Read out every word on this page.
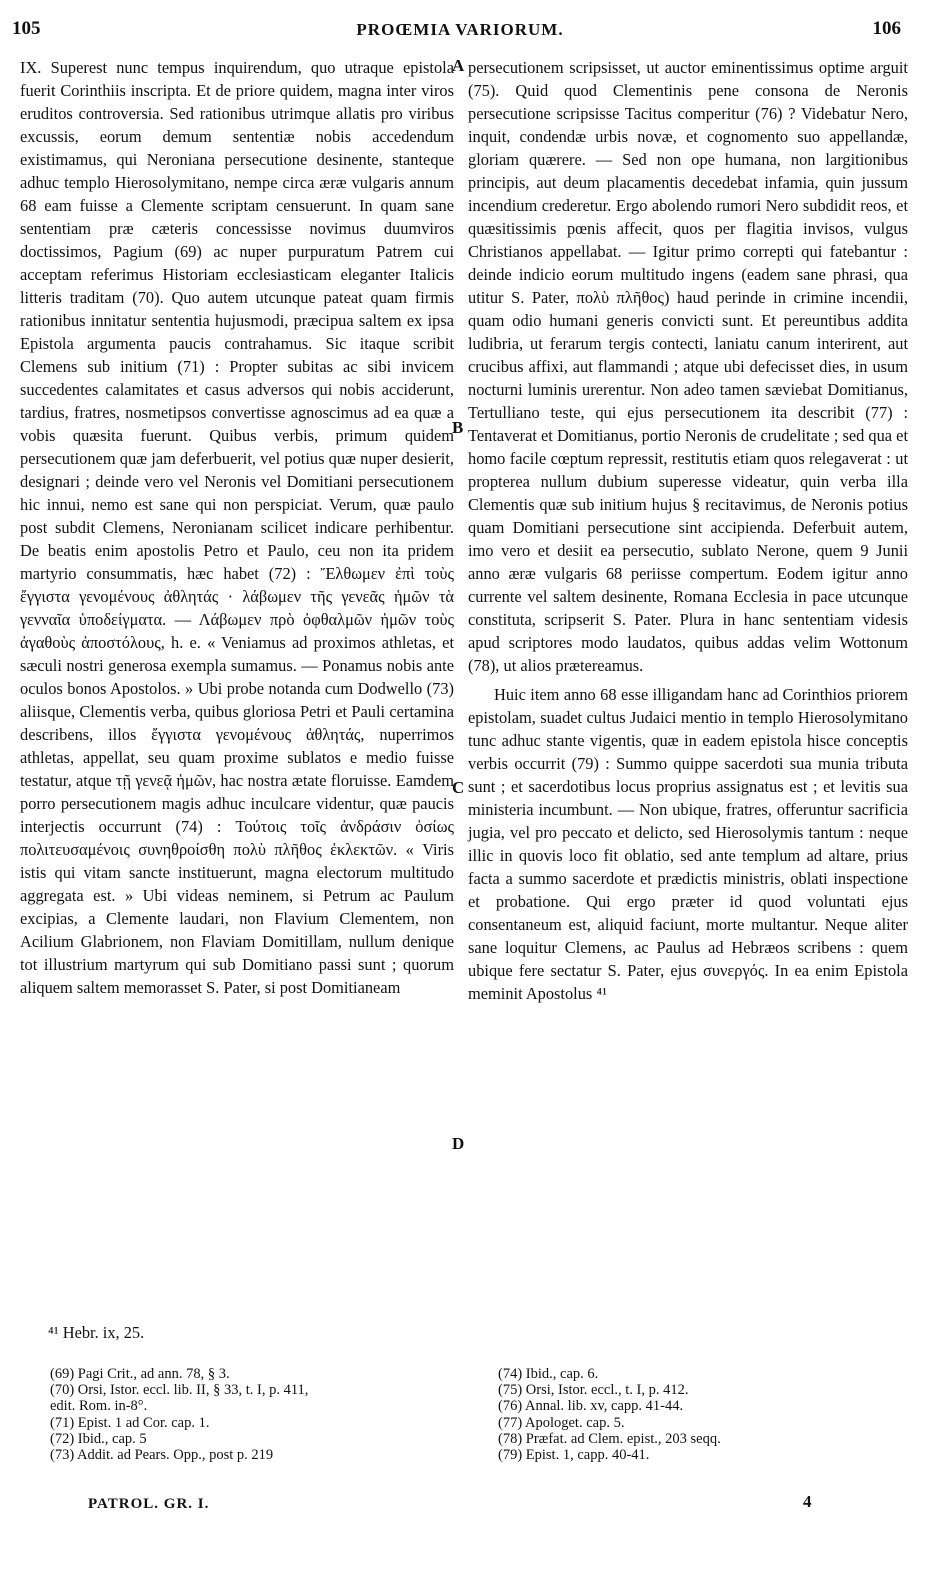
105	PROŒMIA VARIORUM.	106

IX. Superest nunc tempus inquirendum, quo utraque epistola fuerit Corinthiis inscripta. Et de priore quidem, magna inter viros eruditos controversia. Sed rationibus utrimque allatis pro viribus excussis, eorum demum sententiæ nobis accedendum existimamus, qui Neroniana persecutione desinente, stanteque adhuc templo Hierosolymitano, nempe circa æræ vulgaris annum 68 eam fuisse a Clemente scriptam censuerunt. In quam sane sententiam præ cæteris concessisse novimus duumviros doctissimos, Pagium (69) ac nuper purpuratum Patrem cui acceptam referimus Historiam ecclesiasticam eleganter Italicis litteris traditam (70). Quo autem utcunque pateat quam firmis rationibus innitatur sententia hujusmodi, præcipua saltem ex ipsa Epistola argumenta paucis contrahamus. Sic itaque scribit Clemens sub initium (71) : Propter subitas ac sibi invicem succedentes calamitates et casus adversos qui nobis acciderunt, tardius, fratres, nosmetipsos convertisse agnoscimus ad ea quæ a vobis quæsita fuerunt. Quibus verbis, primum quidem persecutionem quæ jam deferbuerit, vel potius quæ nuper desierit, designari ; deinde vero vel Neronis vel Domitiani persecutionem hic innui, nemo est sane qui non perspiciat. Verum, quæ paulo post subdit Clemens, Neronianam scilicet indicare perhibentur. De beatis enim apostolis Petro et Paulo, ceu non ita pridem martyrio consummatis, hæc habet (72) : Ἔλθωμεν ἐπὶ τοὺς ἔγγιστα γενομένους ἀθλητάς · λάβωμεν τῆς γενεᾶς ἡμῶν τὰ γενναῖα ὑποδείγματα. — Λάβωμεν πρὸ ὀφθαλμῶν ἡμῶν τοὺς ἀγαθοὺς ἀποστόλους, h. e. « Veniamus ad proximos athletas, et sæculi nostri generosa exempla sumamus. — Ponamus nobis ante oculos bonos Apostolos. » Ubi probe notanda cum Dodwello (73) aliisque, Clementis verba, quibus gloriosa Petri et Pauli certamina describens, illos ἔγγιστα γενομένους ἀθλητάς, nuperrimos athletas, appellat, seu quam proxime sublatos e medio fuisse testatur, atque τῇ γενεᾷ ἡμῶν, hac nostra ætate floruisse. Eamdem porro persecutionem magis adhuc inculcare videntur, quæ paucis interjectis occurrunt (74) : Τούτοις τοῖς ἀνδράσιν ὁσίως πολιτευσαμένοις συνηθροίσθη πολὺ πλῆθος ἐκλεκτῶν. « Viris istis qui vitam sancte instituerunt, magna electorum multitudo aggregata est. » Ubi videas neminem, si Petrum ac Paulum excipias, a Clemente laudari, non Flavium Clementem, non Acilium Glabrionem, non Flaviam Domitillam, nullum denique tot illustrium martyrum qui sub Domitiano passi sunt ; quorum aliquem saltem memorasset S. Pater, si post Domitianeam

A
B
C
D

persecutionem scripsisset, ut auctor eminentissimus optime arguit (75). Quid quod Clementinis pene consona de Neronis persecutione scripsisse Tacitus comperitur (76) ? Videbatur Nero, inquit, condendæ urbis novæ, et cognomento suo appellandæ, gloriam quærere. — Sed non ope humana, non largitionibus principis, aut deum placamentis decedebat infamia, quin jussum incendium crederetur. Ergo abolendo rumori Nero subdidit reos, et quæsitissimis pœnis affecit, quos per flagitia invisos, vulgus Christianos appellabat. — Igitur primo correpti qui fatebantur : deinde indicio eorum multitudo ingens (eadem sane phrasi, qua utitur S. Pater, πολὺ πλῆθος) haud perinde in crimine incendii, quam odio humani generis convicti sunt. Et pereuntibus addita ludibria, ut ferarum tergis contecti, laniatu canum interirent, aut crucibus affixi, aut flammandi ; atque ubi defecisset dies, in usum nocturni luminis urerentur. Non adeo tamen sæviebat Domitianus, Tertulliano teste, qui ejus persecutionem ita describit (77) : Tentaverat et Domitianus, portio Neronis de crudelitate ; sed qua et homo facile cœptum repressit, restitutis etiam quos relegaverat : ut propterea nullum dubium superesse videatur, quin verba illa Clementis quæ sub initium hujus § recitavimus, de Neronis potius quam Domitiani persecutione sint accipienda. Deferbuit autem, imo vero et desiit ea persecutio, sublato Nerone, quem 9 Junii anno æræ vulgaris 68 periisse compertum. Eodem igitur anno currente vel saltem desinente, Romana Ecclesia in pace utcunque constituta, scripserit S. Pater. Plura in hanc sententiam videsis apud scriptores modo laudatos, quibus addas velim Wottonum (78), ut alios prætereamus.

Huic item anno 68 esse illigandam hanc ad Corinthios priorem epistolam, suadet cultus Judaici mentio in templo Hierosolymitano tunc adhuc stante vigentis, quæ in eadem epistola hisce conceptis verbis occurrit (79) : Summo quippe sacerdoti sua munia tributa sunt ; et sacerdotibus locus proprius assignatus est ; et levitis sua ministeria incumbunt. — Non ubique, fratres, offeruntur sacrificia jugia, vel pro peccato et delicto, sed Hierosolymis tantum : neque illic in quovis loco fit oblatio, sed ante templum ad altare, prius facta a summo sacerdote et prædictis ministris, oblati inspectione et probatione. Qui ergo præter id quod voluntati ejus consentaneum est, aliquid faciunt, morte multantur. Neque aliter sane loquitur Clemens, ac Paulus ad Hebræos scribens : quem ubique fere sectatur S. Pater, ejus συνεργός. In ea enim Epistola meminit Apostolus ⁴¹

⁴¹ Hebr. ix, 25.
(69) Pagi Crit., ad ann. 78, § 3.
(70) Orsi, Istor. eccl. lib. II, § 33, t. I, p. 411,
edit. Rom. in-8°.
(71) Epist. 1 ad Cor. cap. 1.
(72) Ibid., cap. 5
(73) Addit. ad Pears. Opp., post p. 219
(74) Ibid., cap. 6.
(75) Orsi, Istor. eccl., t. I, p. 412.
(76) Annal. lib. xv, capp. 41-44.
(77) Apologet. cap. 5.
(78) Præfat. ad Clem. epist., 203 seqq.
(79) Epist. 1, capp. 40-41.
PATROL. GR. I.	4
